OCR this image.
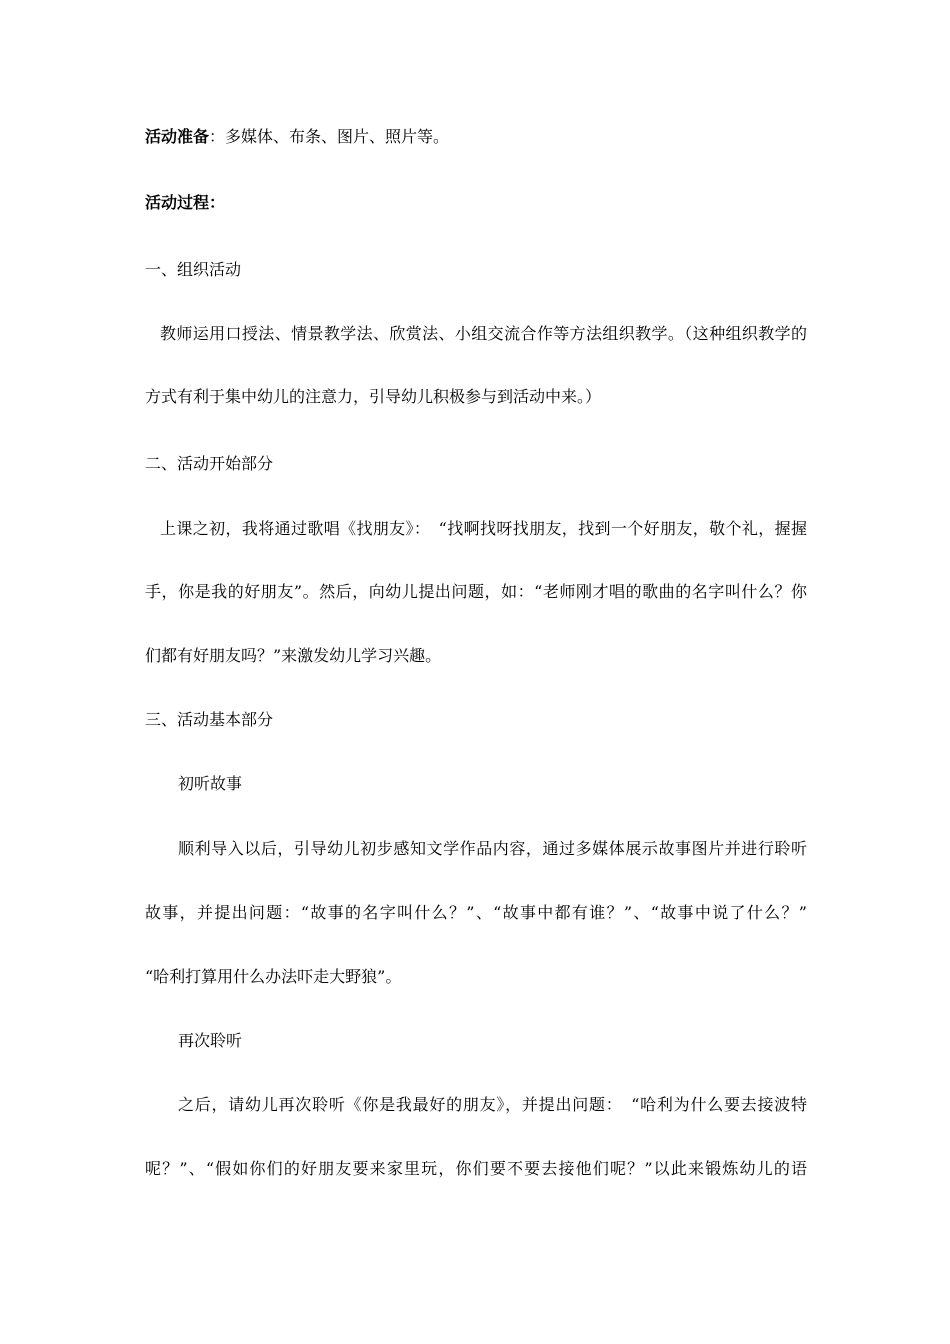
活动准备：多媒体、布条、图片、照片等。
活动过程：
一、组织活动
教师运用口授法、情景教学法、欣赏法、小组交流合作等方法组织教学。（这种组织教学的
方式有利于集中幼儿的注意力，引导幼儿积极参与到活动中来。）
二、活动开始部分
上课之初，我将通过歌唱《找朋友》：　“找啊找呀找朋友，找到一个好朋友，敬个礼，握握
手，你是我的好朋友”。然后，向幼儿提出问题，如：“老师刚才唱的歌曲的名字叫什么？你
们都有好朋友吗？”来激发幼儿学习兴趣。
三、活动基本部分
初听故事
顺利导入以后，引导幼儿初步感知文学作品内容，通过多媒体展示故事图片并进行聆听
故事，并提出问题：“故事的名字叫什么？”、“故事中都有谁？”、“故事中说了什么？”
“哈利打算用什么办法吓走大野狼”。
再次聆听
之后，请幼儿再次聆听《你是我最好的朋友》，并提出问题：　“哈利为什么要去接波特
呢？”、“假如你们的好朋友要来家里玩，你们要不要去接他们呢？”以此来锻炼幼儿的语
